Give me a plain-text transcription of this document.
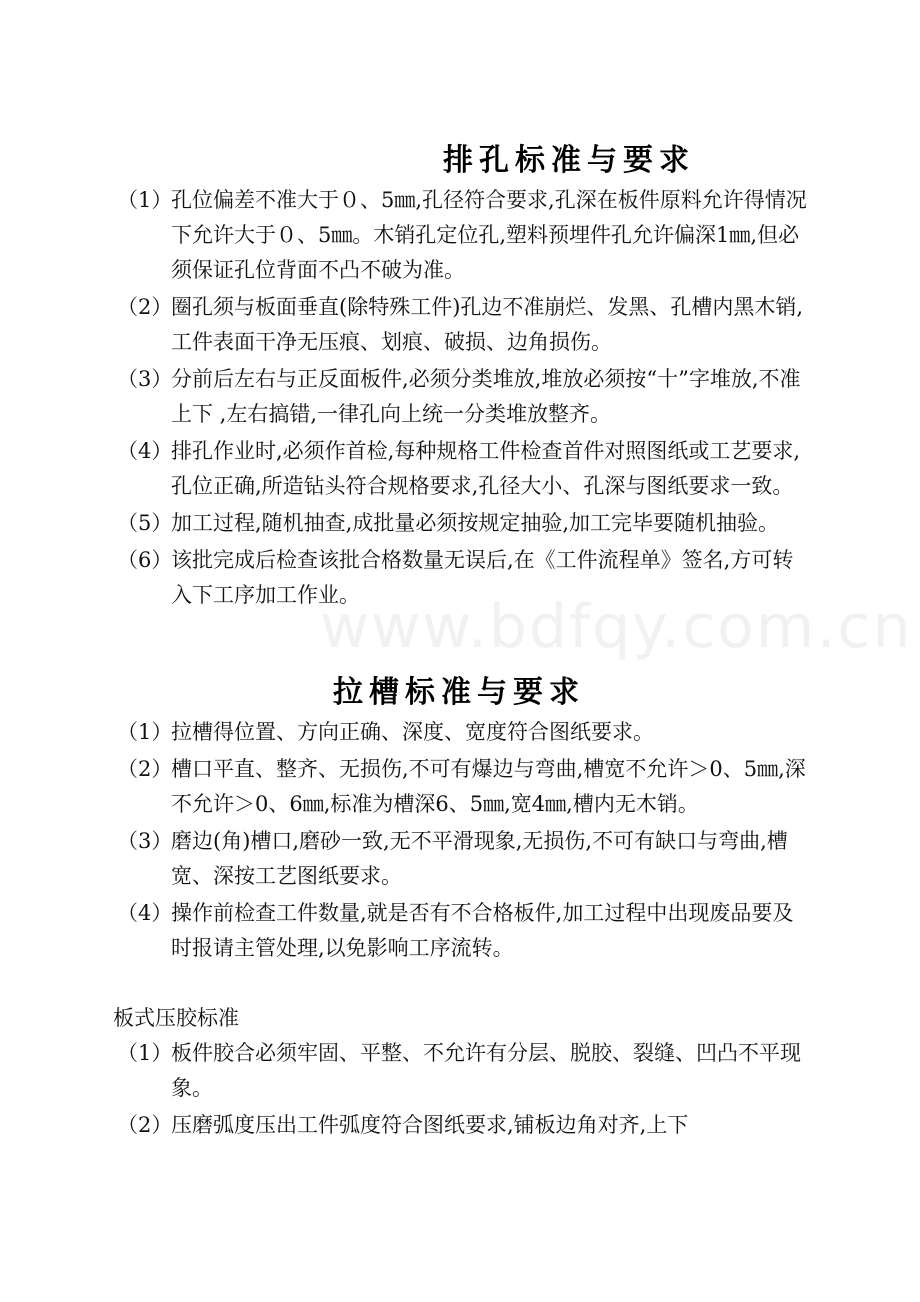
www.bdfqy.com.cn
排孔标准与要求
（1）
孔位偏差不准大于０、5㎜,孔径符合要求,孔深在板件原料允许得情况下允许大于０、5㎜。木销孔定位孔,塑料预埋件孔允许偏深1㎜,但必须保证孔位背面不凸不破为准。
（2）
圈孔须与板面垂直(除特殊工件)孔边不准崩烂、发黑、孔槽内黑木销,工件表面干净无压痕、划痕、破损、边角损伤。
（3）
分前后左右与正反面板件,必须分类堆放,堆放必须按“十”字堆放,不准上下 ,左右搞错,一律孔向上统一分类堆放整齐。
（4）
排孔作业时,必须作首检,每种规格工件检查首件对照图纸或工艺要求,孔位正确,所造钻头符合规格要求,孔径大小、孔深与图纸要求一致。
（5）
加工过程,随机抽查,成批量必须按规定抽验,加工完毕要随机抽验。
（6）
该批完成后检查该批合格数量无误后,在《工件流程单》签名,方可转入下工序加工作业。
拉槽标准与要求
（1）
拉槽得位置、方向正确、深度、宽度符合图纸要求。
（2）
槽口平直、整齐、无损伤,不可有爆边与弯曲,槽宽不允许＞0、5㎜,深不允许＞0、6㎜,标准为槽深6、5㎜,宽4㎜,槽内无木销。
（3）
磨边(角)槽口,磨砂一致,无不平滑现象,无损伤,不可有缺口与弯曲,槽宽、深按工艺图纸要求。
（4）
操作前检查工件数量,就是否有不合格板件,加工过程中出现废品要及时报请主管处理,以免影响工序流转。
板式压胶标准
（1）
板件胶合必须牢固、平整、不允许有分层、脱胶、裂缝、凹凸不平现象。
（2）
压磨弧度压出工件弧度符合图纸要求,铺板边角对齐,上下
